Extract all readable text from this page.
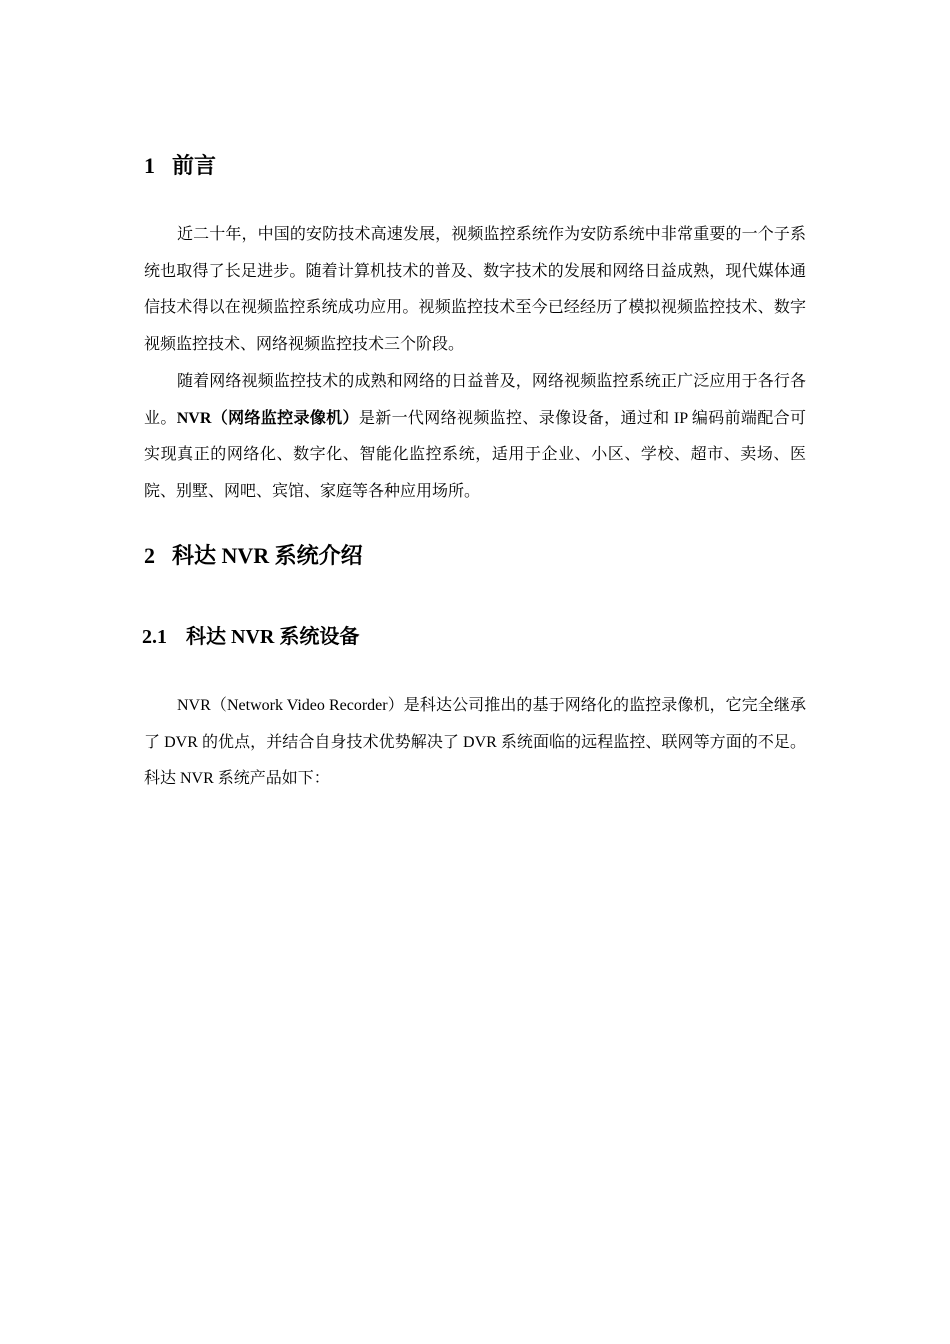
1 前言

近二十年，中国的安防技术高速发展，视频监控系统作为安防系统中非常重要的一个子系统也取得了长足进步。随着计算机技术的普及、数字技术的发展和网络日益成熟，现代媒体通信技术得以在视频监控系统成功应用。视频监控技术至今已经经历了模拟视频监控技术、数字视频监控技术、网络视频监控技术三个阶段。

随着网络视频监控技术的成熟和网络的日益普及，网络视频监控系统正广泛应用于各行各业。NVR（网络监控录像机）是新一代网络视频监控、录像设备，通过和 IP 编码前端配合可实现真正的网络化、数字化、智能化监控系统，适用于企业、小区、学校、超市、卖场、医院、别墅、网吧、宾馆、家庭等各种应用场所。

2 科达 NVR 系统介绍
2.1 科达 NVR 系统设备

NVR（Network Video Recorder）是科达公司推出的基于网络化的监控录像机，它完全继承了 DVR 的优点，并结合自身技术优势解决了 DVR 系统面临的远程监控、联网等方面的不足。科达 NVR 系统产品如下：
